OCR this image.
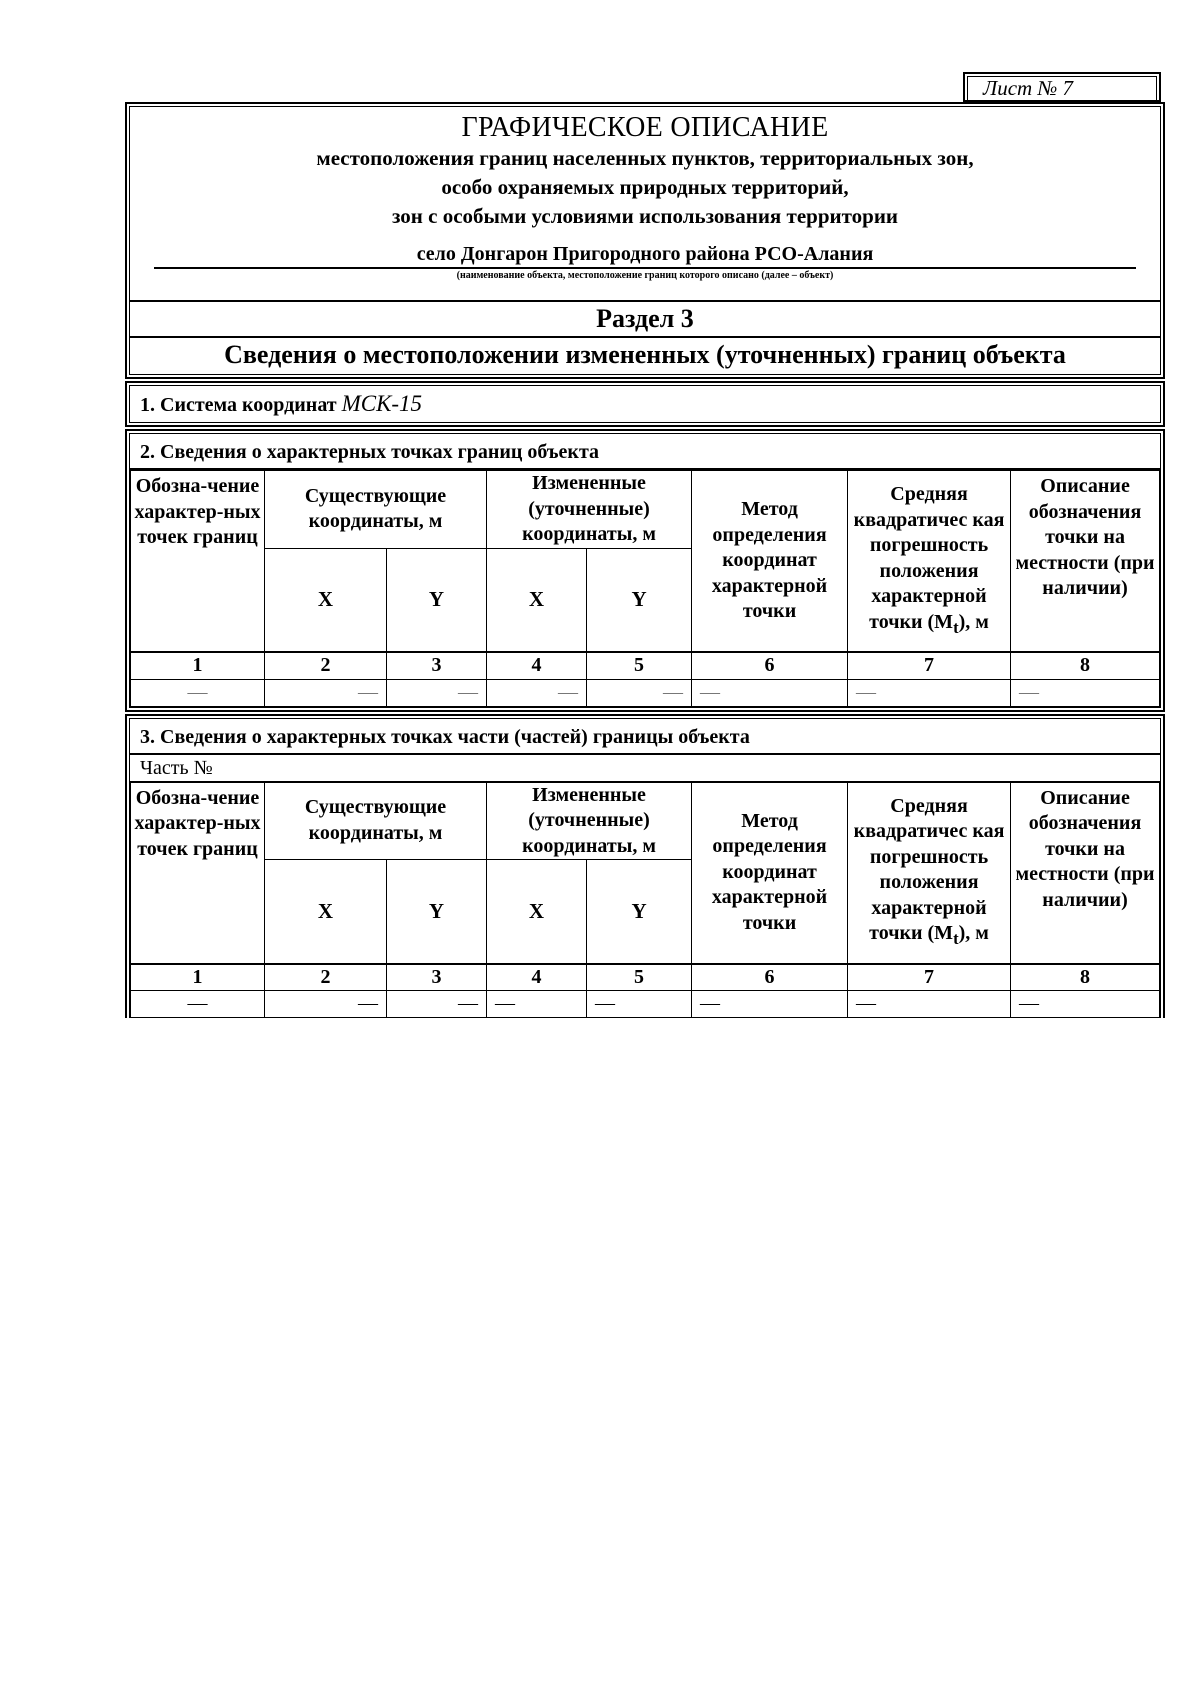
Лист № 7
ГРАФИЧЕСКОЕ ОПИСАНИЕ
местоположения границ населенных пунктов, территориальных зон,
особо охраняемых природных территорий,
зон с особыми условиями использования территории
село Донгарон Пригородного района РСО-Алания
(наименование объекта, местоположение границ которого описано (далее – объект)
Раздел 3
Сведения о местоположении измененных (уточненных) границ объекта
1. Система координат МСК-15
2. Сведения о характерных точках границ объекта
Обозна-чение характер-ных точек границ	Существующие координаты, м		Измененные (уточненные) координаты, м		Метод определения координат характерной точки	Средняя квадратичес кая погрешность положения характерной точки $(M_t)$, м	Описание обозначения точки на местности (при наличии)
	X	Y	X	Y			
1	2	3	4	5	6	7	8
—	—	—	—	—	—	—	—
3. Сведения о характерных точках части (частей) границы объекта
Часть №
Обозна-чение характер-ных точек границ	Существующие координаты, м		Измененные (уточненные) координаты, м		Метод определения координат характерной точки	Средняя квадратичес кая погрешность положения характерной точки $(M_t)$, м	Описание обозначения точки на местности (при наличии)
	X	Y	X	Y			
1	2	3	4	5	6	7	8
—	—	—	—	—	—	—	—
